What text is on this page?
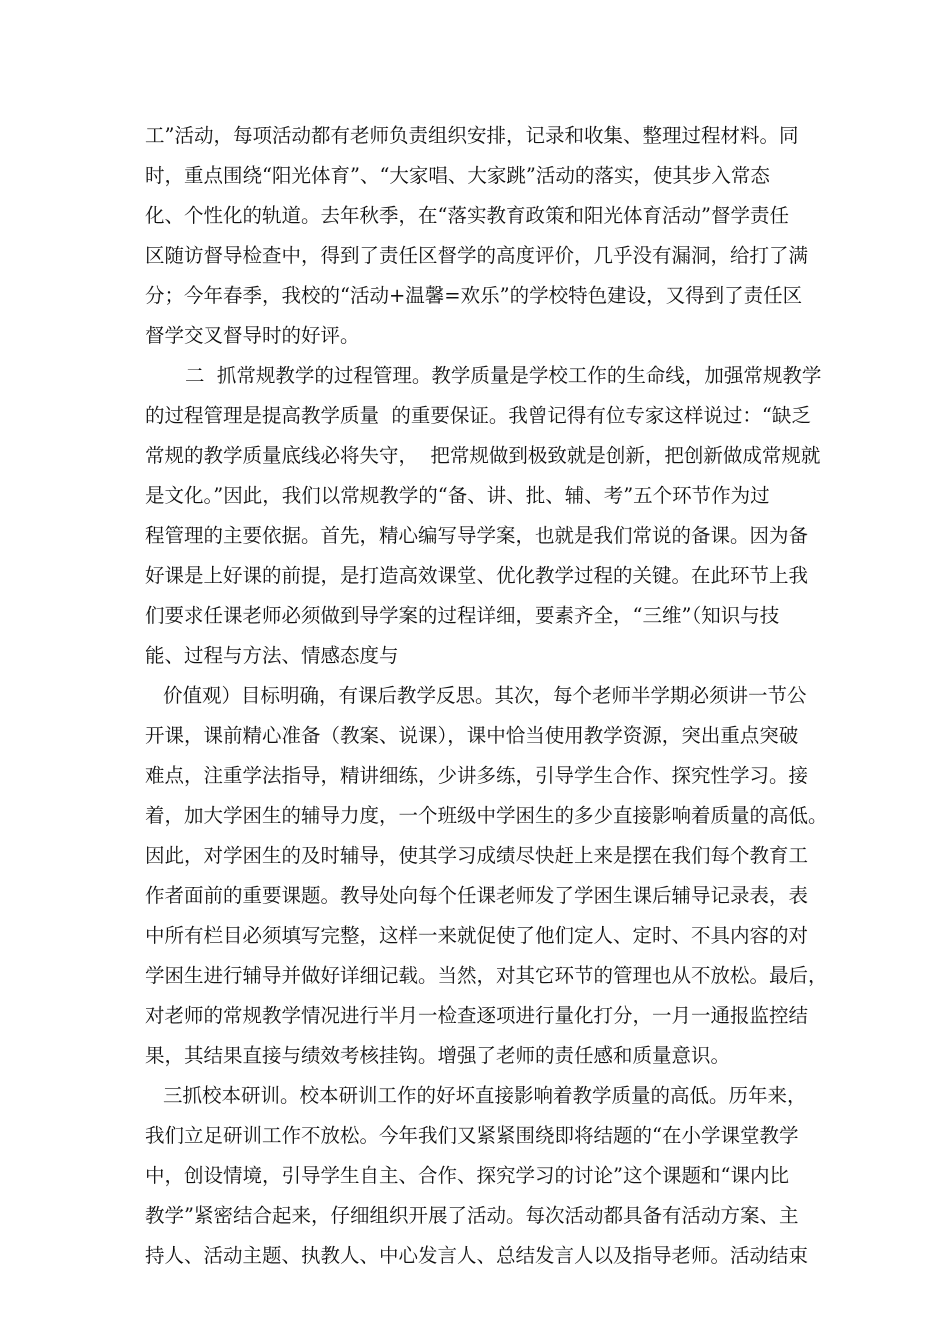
工”活动，每项活动都有老师负责组织安排，记录和收集、整理过程材料。同

时，重点围绕“阳光体育”、“大家唱、大家跳”活动的落实，使其步入常态

化、个性化的轨道。去年秋季，在“落实教育政策和阳光体育活动”督学责任

区随访督导检查中，得到了责任区督学的高度评价，几乎没有漏洞，给打了满

分；今年春季，我校的“活动+温馨=欢乐”的学校特色建设，又得到了责任区

督学交叉督导时的好评。

二  抓常规教学的过程管理。教学质量是学校工作的生命线，加强常规教学

的过程管理是提高教学质量  的重要保证。我曾记得有位专家这样说过：“缺乏

常规的教学质量底线必将失守，  把常规做到极致就是创新，把创新做成常规就

是文化。”因此，我们以常规教学的“备、讲、批、辅、考”五个环节作为过

程管理的主要依据。首先，精心编写导学案，也就是我们常说的备课。因为备

好课是上好课的前提，是打造高效课堂、优化教学过程的关键。在此环节上我

们要求任课老师必须做到导学案的过程详细，要素齐全，“三维”（知识与技

能、过程与方法、情感态度与

价值观）目标明确，有课后教学反思。其次，每个老师半学期必须讲一节公

开课，课前精心准备（教案、说课），课中恰当使用教学资源，突出重点突破

难点，注重学法指导，精讲细练，少讲多练，引导学生合作、探究性学习。接

着，加大学困生的辅导力度，一个班级中学困生的多少直接影响着质量的高低。

因此，对学困生的及时辅导，使其学习成绩尽快赶上来是摆在我们每个教育工

作者面前的重要课题。教导处向每个任课老师发了学困生课后辅导记录表，表

中所有栏目必须填写完整，这样一来就促使了他们定人、定时、不具内容的对

学困生进行辅导并做好详细记载。当然，对其它环节的管理也从不放松。最后，

对老师的常规教学情况进行半月一检查逐项进行量化打分，一月一通报监控结

果，其结果直接与绩效考核挂钩。增强了老师的责任感和质量意识。

三抓校本研训。校本研训工作的好坏直接影响着教学质量的高低。历年来，

我们立足研训工作不放松。今年我们又紧紧围绕即将结题的“在小学课堂教学

中，创设情境，引导学生自主、合作、探究学习的讨论”这个课题和“课内比

教学”紧密结合起来，仔细组织开展了活动。每次活动都具备有活动方案、主

持人、活动主题、执教人、中心发言人、总结发言人以及指导老师。活动结束
